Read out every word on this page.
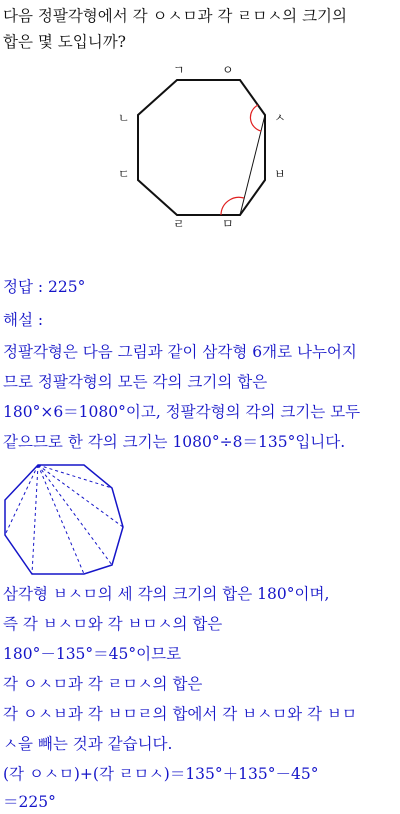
다음 정팔각형에서 각 ㅇㅅㅁ과 각 ㄹㅁㅅ의 크기의
합은 몇 도입니까?
ㄱ	ㅇ
ㄴ	ㅅ
ㄷ	ㅂ
ㄹ	ㅁ
정답 : 225°
해설 :
정팔각형은 다음 그림과 같이 삼각형 6개로 나누어지
므로 정팔각형의 모든 각의 크기의 합은
180°×6＝1080°이고, 정팔각형의 각의 크기는 모두
같으므로 한 각의 크기는 1080°÷8＝135°입니다.
삼각형 ㅂㅅㅁ의 세 각의 크기의 합은 180°이며,
즉 각 ㅂㅅㅁ와 각 ㅂㅁㅅ의 합은
180°－135°＝45°이므로
각 ㅇㅅㅁ과 각 ㄹㅁㅅ의 합은
각 ㅇㅅㅂ과 각 ㅂㅁㄹ의 합에서 각 ㅂㅅㅁ와 각 ㅂㅁ
ㅅ을 빼는 것과 같습니다.
(각 ㅇㅅㅁ)+(각 ㄹㅁㅅ)＝135°＋135°－45°
＝225°
